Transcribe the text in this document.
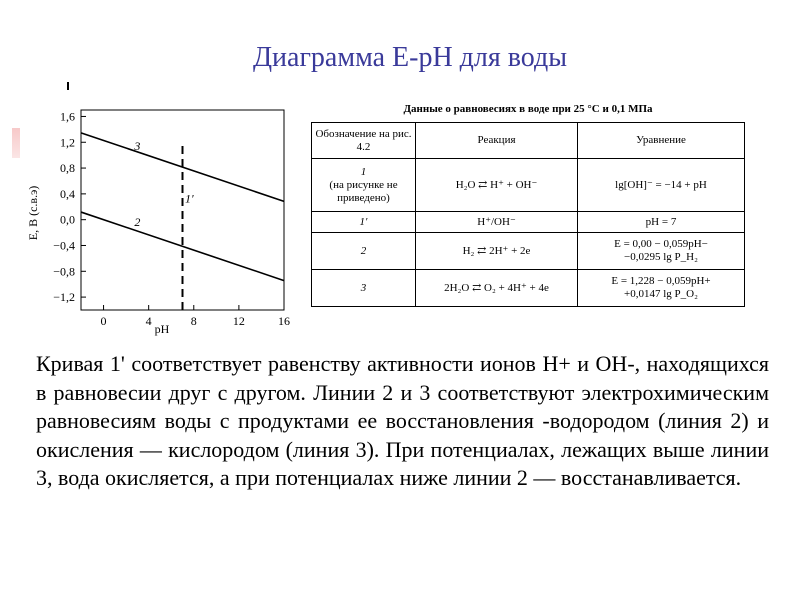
Диаграмма E-pH для воды
1,6
1,2
0,8
0,4
0,0
−0,4
−0,8
−1,2
0	4	8	12	16
3
2
1'
pH
E, В (с.в.э)
Данные о равновесиях в воде при 25 °С и 0,1 МПа
Обозначение на рис. 4.2	Реакция	Уравнение
1
(на рисунке не приведено)	H₂O ⇄ H⁺ + OH⁻	lg[OH]⁻ = −14 + pH
1′	H⁺/OH⁻	pH = 7
2	H₂ ⇄ 2H⁺ + 2e	E = 0,00 − 0,059pH−
−0,0295 lg P_H₂
3	2H₂O ⇄ O₂ + 4H⁺ + 4e	E = 1,228 − 0,059pH+
+0,0147 lg P_O₂
Кривая 1' соответствует равенству активности ионов Н+ и ОН-, находящихся в равновесии друг с другом. Линии 2 и 3 соответствуют электрохимическим равновесиям воды с продуктами ее восстановления -водородом (линия 2) и окисления — кислородом (линия 3). При потенциалах, лежащих выше линии 3, вода окисляется, а при потенциалах ниже линии 2 — восстанавливается.
